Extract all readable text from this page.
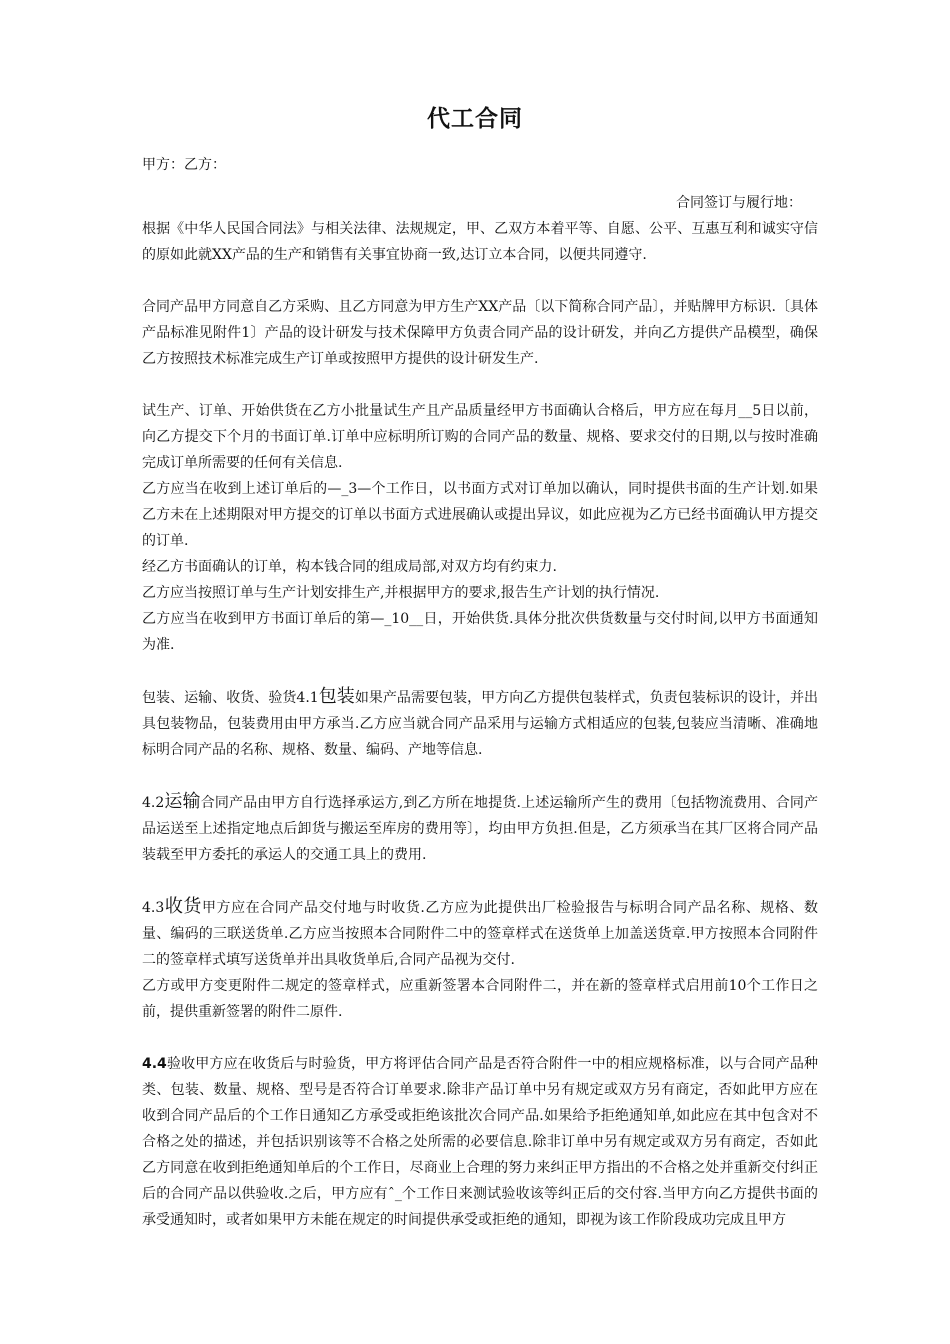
代工合同

甲方：乙方：

合同签订与履行地：

根据《中华人民国合同法》与相关法律、法规规定，甲、乙双方本着平等、自愿、公平、互惠互利和诚实守信的原如此就XX产品的生产和销售有关事宜协商一致,达订立本合同，以便共同遵守.

合同产品甲方同意自乙方采购、且乙方同意为甲方生产XX产品〔以下简称合同产品〕，并贴牌甲方标识.〔具体产品标准见附件1〕产品的设计研发与技术保障甲方负责合同产品的设计研发，并向乙方提供产品模型，确保乙方按照技术标准完成生产订单或按照甲方提供的设计研发生产.

试生产、订单、开始供货在乙方小批量试生产且产品质量经甲方书面确认合格后，甲方应在每月__5日以前，向乙方提交下个月的书面订单.订单中应标明所订购的合同产品的数量、规格、要求交付的日期,以与按时准确完成订单所需要的任何有关信息.

乙方应当在收到上述订单后的—_3—个工作日，以书面方式对订单加以确认，同时提供书面的生产计划.如果乙方未在上述期限对甲方提交的订单以书面方式进展确认或提出异议，如此应视为乙方已经书面确认甲方提交的订单.

经乙方书面确认的订单，构本钱合同的组成局部,对双方均有约束力.

乙方应当按照订单与生产计划安排生产,并根据甲方的要求,报告生产计划的执行情况.

乙方应当在收到甲方书面订单后的第—_10__日，开始供货.具体分批次供货数量与交付时间,以甲方书面通知为准.

包装、运输、收货、验货4.1包装如果产品需要包装，甲方向乙方提供包装样式，负责包装标识的设计，并出具包装物品，包装费用由甲方承当.乙方应当就合同产品采用与运输方式相适应的包装,包装应当清晰、准确地标明合同产品的名称、规格、数量、编码、产地等信息.

4.2运输合同产品由甲方自行选择承运方,到乙方所在地提货.上述运输所产生的费用〔包括物流费用、合同产品运送至上述指定地点后卸货与搬运至库房的费用等〕，均由甲方负担.但是，乙方须承当在其厂区将合同产品装载至甲方委托的承运人的交通工具上的费用.

4.3收货甲方应在合同产品交付地与时收货.乙方应为此提供出厂检验报告与标明合同产品名称、规格、数量、编码的三联送货单.乙方应当按照本合同附件二中的签章样式在送货单上加盖送货章.甲方按照本合同附件二的签章样式填写送货单并出具收货单后,合同产品视为交付.

乙方或甲方变更附件二规定的签章样式，应重新签署本合同附件二，并在新的签章样式启用前10个工作日之前，提供重新签署的附件二原件.

4.4验收甲方应在收货后与时验货，甲方将评估合同产品是否符合附件一中的相应规格标准，以与合同产品种类、包装、数量、规格、型号是否符合订单要求.除非产品订单中另有规定或双方另有商定，否如此甲方应在收到合同产品后的个工作日通知乙方承受或拒绝该批次合同产品.如果给予拒绝通知单,如此应在其中包含对不合格之处的描述，并包括识别该等不合格之处所需的必要信息.除非订单中另有规定或双方另有商定，否如此乙方同意在收到拒绝通知单后的个工作日，尽商业上合理的努力来纠正甲方指出的不合格之处并重新交付纠正后的合同产品以供验收.之后，甲方应有ˆ_个工作日来测试验收该等纠正后的交付容.当甲方向乙方提供书面的承受通知时，或者如果甲方未能在规定的时间提供承受或拒绝的通知，即视为该工作阶段成功完成且甲方
